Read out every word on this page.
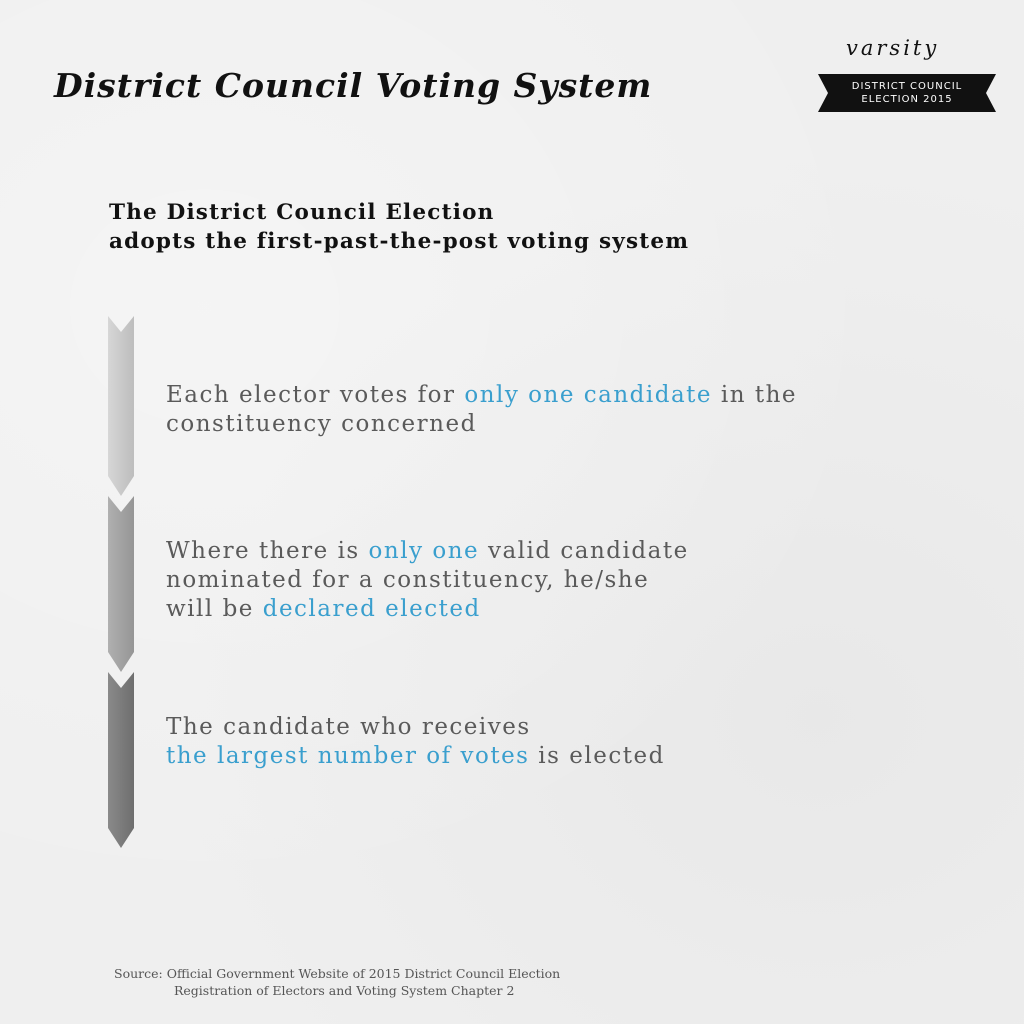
District Council Voting System
varsity
DISTRICT COUNCIL
ELECTION 2015
The District Council Election
adopts the first-past-the-post voting system

Each elector votes for only one candidate in the
constituency concerned

Where there is only one valid candidate
nominated for a constituency, he/she
will be declared elected

The candidate who receives
the largest number of votes is elected

Source: Official Government Website of 2015 District Council Election
Registration of Electors and Voting System Chapter 2
